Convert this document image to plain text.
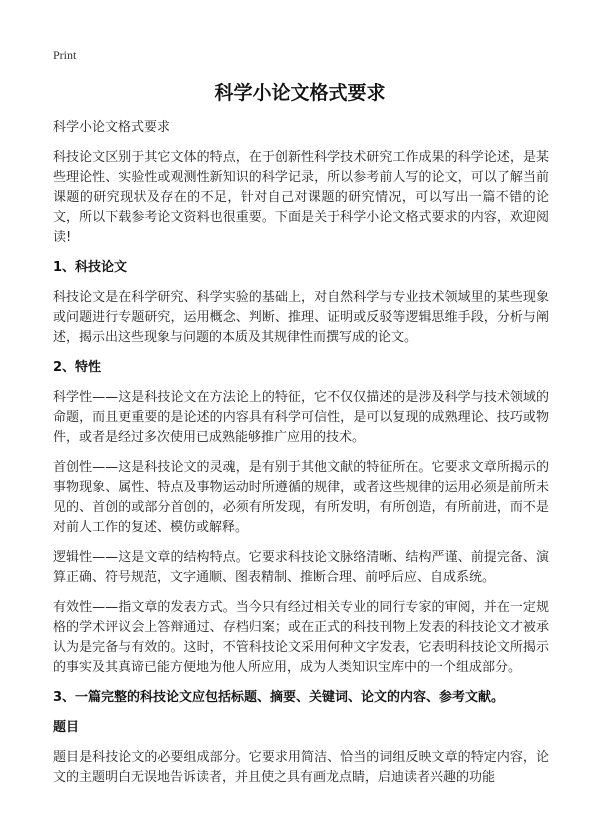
Print
科学小论文格式要求

科学小论文格式要求

科技论文区别于其它文体的特点，在于创新性科学技术研究工作成果的科学论述，是某些理论性、实验性或观测性新知识的科学记录，所以参考前人写的论文，可以了解当前课题的研究现状及存在的不足，针对自己对课题的研究情况，可以写出一篇不错的论文，所以下载参考论文资料也很重要。下面是关于科学小论文格式要求的内容，欢迎阅读!

1、科技论文

科技论文是在科学研究、科学实验的基础上，对自然科学与专业技术领域里的某些现象或问题进行专题研究，运用概念、判断、推理、证明或反驳等逻辑思维手段，分析与阐述，揭示出这些现象与问题的本质及其规律性而撰写成的论文。

2、特性

科学性——这是科技论文在方法论上的特征，它不仅仅描述的是涉及科学与技术领域的命题，而且更重要的是论述的内容具有科学可信性，是可以复现的成熟理论、技巧或物件，或者是经过多次使用已成熟能够推广应用的技术。

首创性——这是科技论文的灵魂，是有别于其他文献的特征所在。它要求文章所揭示的事物现象、属性、特点及事物运动时所遵循的规律，或者这些规律的运用必须是前所未见的、首创的或部分首创的，必须有所发现，有所发明，有所创造，有所前进，而不是对前人工作的复述、模仿或解释。

逻辑性——这是文章的结构特点。它要求科技论文脉络清晰、结构严谨、前提完备、演算正确、符号规范，文字通顺、图表精制、推断合理、前呼后应、自成系统。

有效性——指文章的发表方式。当今只有经过相关专业的同行专家的审阅，并在一定规格的学术评议会上答辩通过、存档归案；或在正式的科技刊物上发表的科技论文才被承认为是完备与有效的。这时，不管科技论文采用何种文字发表，它表明科技论文所揭示的事实及其真谛已能方便地为他人所应用，成为人类知识宝库中的一个组成部分。

3、一篇完整的科技论文应包括标题、摘要、关键词、论文的内容、参考文献。
题目

题目是科技论文的必要组成部分。它要求用简洁、恰当的词组反映文章的特定内容，论文的主题明白无误地告诉读者，并且使之具有画龙点睛，启迪读者兴趣的功能
